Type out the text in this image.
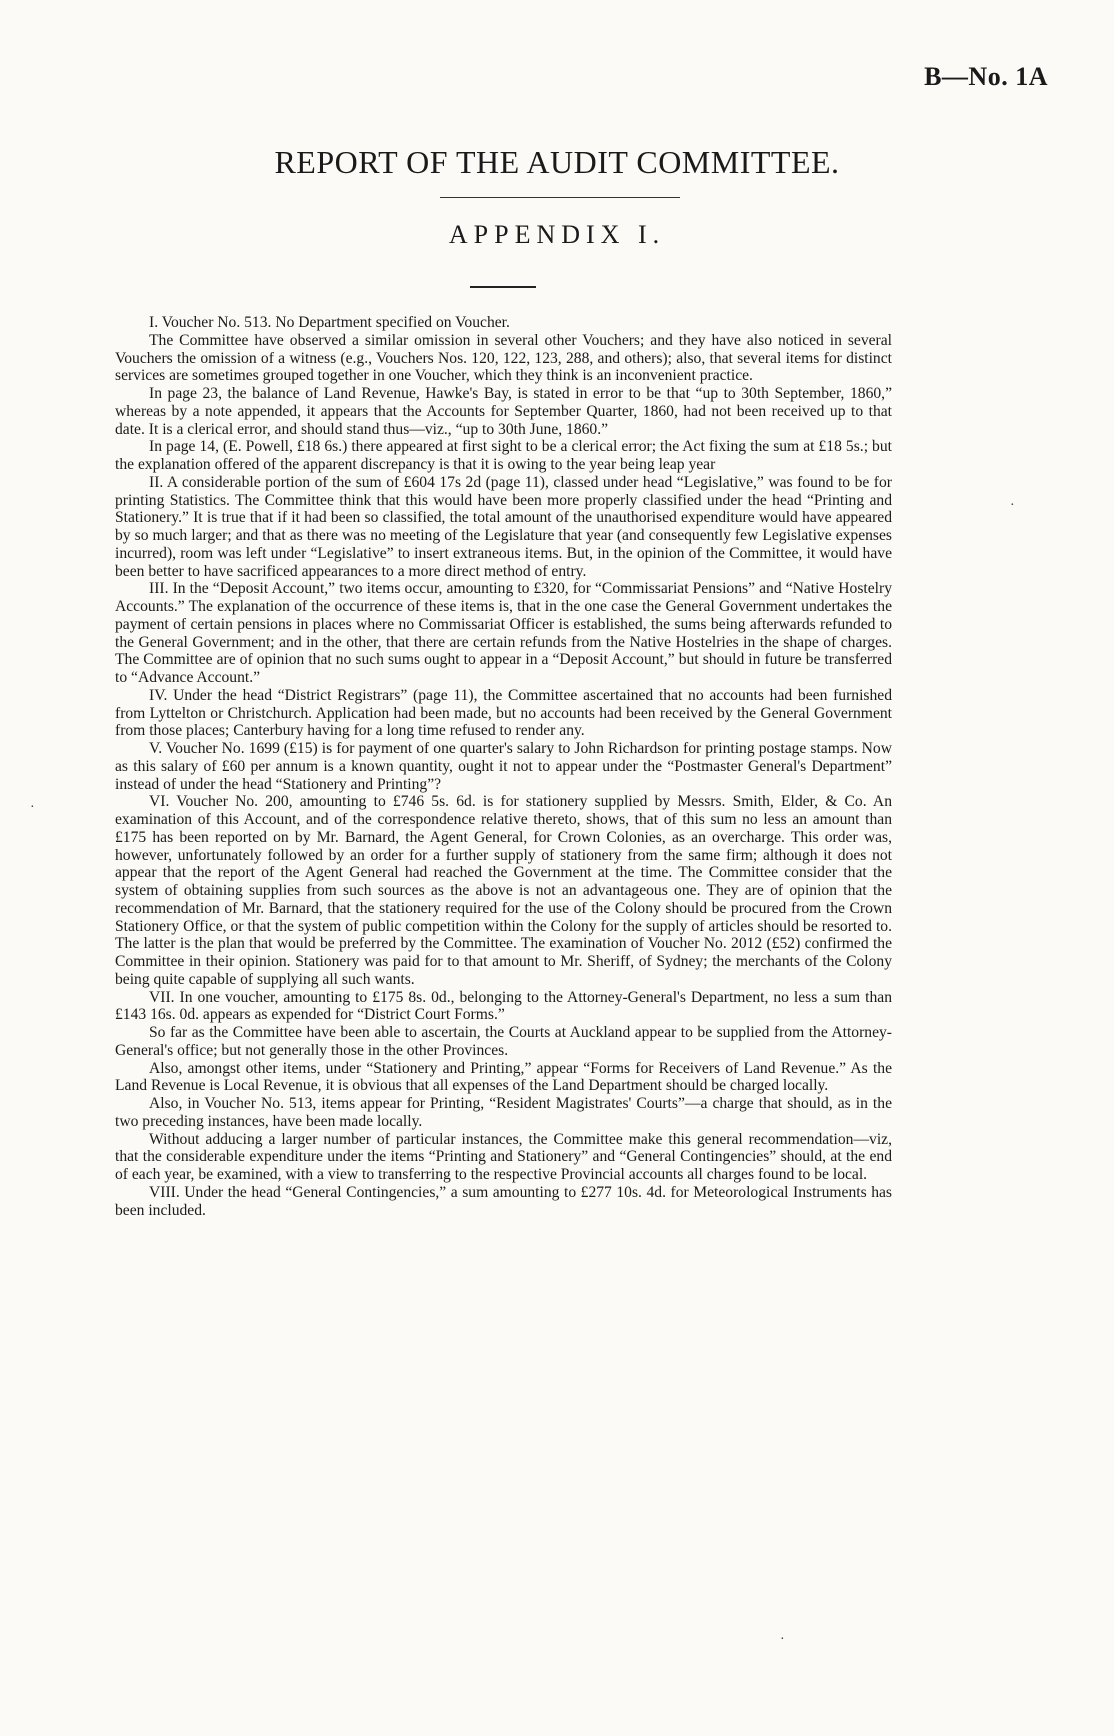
B—No. 1A
REPORT OF THE AUDIT COMMITTEE.
APPENDIX I.

I. Voucher No. 513. No Department specified on Voucher.

The Committee have observed a similar omission in several other Vouchers; and they have also noticed in several Vouchers the omission of a witness (e.g., Vouchers Nos. 120, 122, 123, 288, and others); also, that several items for distinct services are sometimes grouped together in one Voucher, which they think is an inconvenient practice.

In page 23, the balance of Land Revenue, Hawke's Bay, is stated in error to be that “up to 30th September, 1860,” whereas by a note appended, it appears that the Accounts for September Quarter, 1860, had not been received up to that date. It is a clerical error, and should stand thus—viz., “up to 30th June, 1860.”

In page 14, (E. Powell, £18 6s.) there appeared at first sight to be a clerical error; the Act fixing the sum at £18 5s.; but the explanation offered of the apparent discrepancy is that it is owing to the year being leap year

II. A considerable portion of the sum of £604 17s 2d (page 11), classed under head “Legislative,” was found to be for printing Statistics. The Committee think that this would have been more properly classified under the head “Printing and Stationery.” It is true that if it had been so classified, the total amount of the unauthorised expenditure would have appeared by so much larger; and that as there was no meeting of the Legislature that year (and consequently few Legislative expenses incurred), room was left under “Legislative” to insert extraneous items. But, in the opinion of the Committee, it would have been better to have sacrificed appearances to a more direct method of entry.

III. In the “Deposit Account,” two items occur, amounting to £320, for “Commissariat Pensions” and “Native Hostelry Accounts.” The explanation of the occurrence of these items is, that in the one case the General Government undertakes the payment of certain pensions in places where no Commissariat Officer is established, the sums being afterwards refunded to the General Government; and in the other, that there are certain refunds from the Native Hostelries in the shape of charges. The Committee are of opinion that no such sums ought to appear in a “Deposit Account,” but should in future be transferred to “Advance Account.”

IV. Under the head “District Registrars” (page 11), the Committee ascertained that no accounts had been furnished from Lyttelton or Christchurch. Application had been made, but no accounts had been received by the General Government from those places; Canterbury having for a long time refused to render any.

V. Voucher No. 1699 (£15) is for payment of one quarter's salary to John Richardson for printing postage stamps. Now as this salary of £60 per annum is a known quantity, ought it not to appear under the “Postmaster General's Department” instead of under the head “Stationery and Printing”?

VI. Voucher No. 200, amounting to £746 5s. 6d. is for stationery supplied by Messrs. Smith, Elder, & Co. An examination of this Account, and of the correspondence relative thereto, shows, that of this sum no less an amount than £175 has been reported on by Mr. Barnard, the Agent General, for Crown Colonies, as an overcharge. This order was, however, unfortunately followed by an order for a further supply of stationery from the same firm; although it does not appear that the report of the Agent General had reached the Government at the time. The Committee consider that the system of obtaining supplies from such sources as the above is not an advantageous one. They are of opinion that the recommendation of Mr. Barnard, that the stationery required for the use of the Colony should be procured from the Crown Stationery Office, or that the system of public competition within the Colony for the supply of articles should be resorted to. The latter is the plan that would be preferred by the Committee. The examination of Voucher No. 2012 (£52) confirmed the Committee in their opinion. Stationery was paid for to that amount to Mr. Sheriff, of Sydney; the merchants of the Colony being quite capable of supplying all such wants.

VII. In one voucher, amounting to £175 8s. 0d., belonging to the Attorney-General's Department, no less a sum than £143 16s. 0d. appears as expended for “District Court Forms.”

So far as the Committee have been able to ascertain, the Courts at Auckland appear to be supplied from the Attorney-General's office; but not generally those in the other Provinces.

Also, amongst other items, under “Stationery and Printing,” appear “Forms for Receivers of Land Revenue.” As the Land Revenue is Local Revenue, it is obvious that all expenses of the Land Department should be charged locally.

Also, in Voucher No. 513, items appear for Printing, “Resident Magistrates' Courts”—a charge that should, as in the two preceding instances, have been made locally.

Without adducing a larger number of particular instances, the Committee make this general recommendation—viz, that the considerable expenditure under the items “Printing and Stationery” and “General Contingencies” should, at the end of each year, be examined, with a view to transferring to the respective Provincial accounts all charges found to be local.

VIII. Under the head “General Contingencies,” a sum amounting to £277 10s. 4d. for Meteorological Instruments has been included.

·
·
·
